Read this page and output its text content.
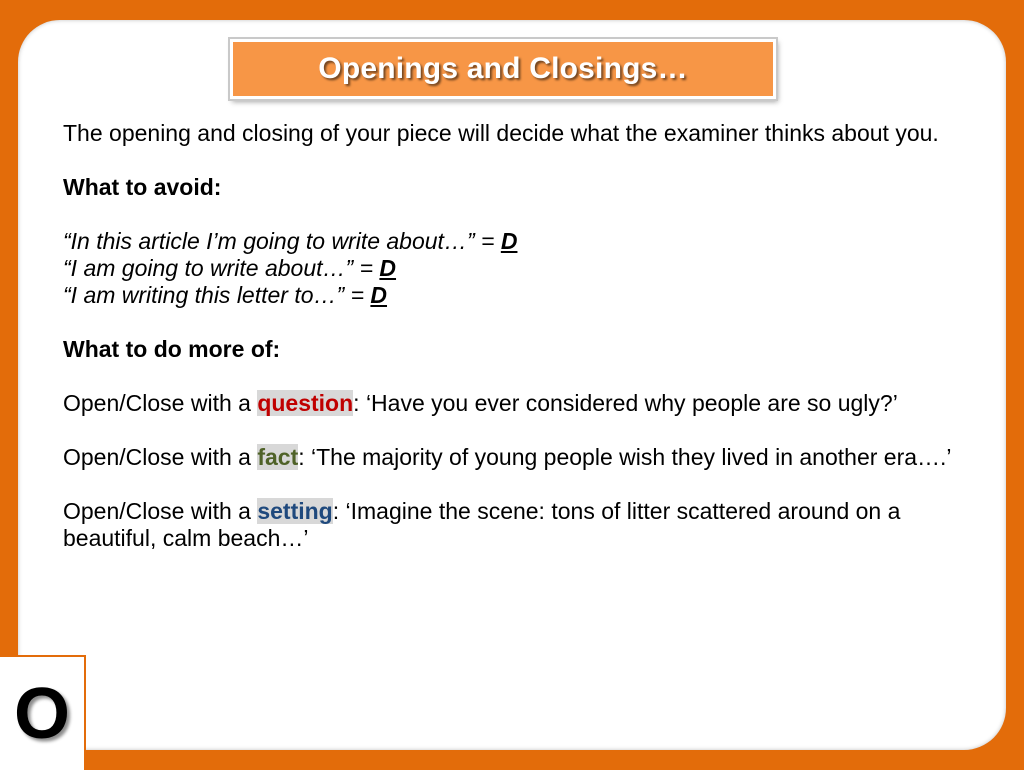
Openings and Closings…

The opening and closing of your piece will decide what the examiner thinks about you.

What to avoid:

“In this article I’m going to write about…” = D

“I am going to write about…” = D

“I am writing this letter to…” = D

What to do more of:

Open/Close with a question: ‘Have you ever considered why people are so ugly?’

Open/Close with a fact: ‘The majority of young people wish they lived in another era….’

Open/Close with a setting: ‘Imagine the scene: tons of litter scattered around on a beautiful, calm beach…’

O
